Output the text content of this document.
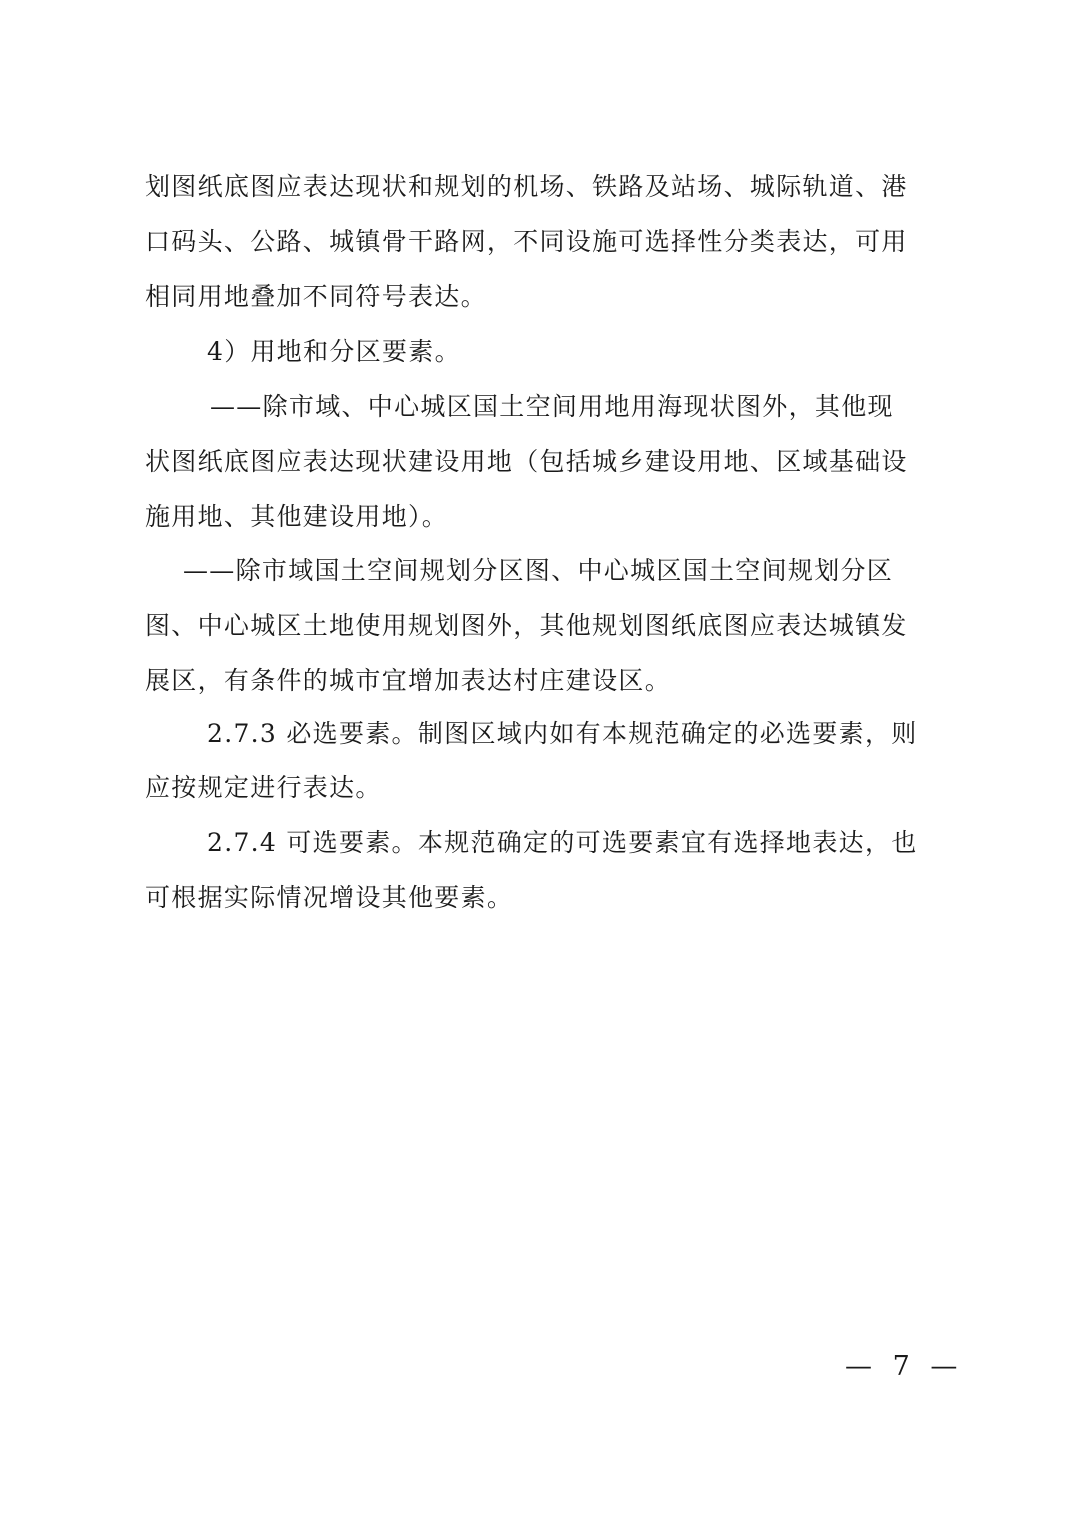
划图纸底图应表达现状和规划的机场、铁路及站场、城际轨道、港
口码头、公路、城镇骨干路网，不同设施可选择性分类表达，可用
相同用地叠加不同符号表达。
4）用地和分区要素。
——除市域、中心城区国土空间用地用海现状图外，其他现
状图纸底图应表达现状建设用地（包括城乡建设用地、区域基础设
施用地、其他建设用地）。
——除市域国土空间规划分区图、中心城区国土空间规划分区
图、中心城区土地使用规划图外，其他规划图纸底图应表达城镇发
展区，有条件的城市宜增加表达村庄建设区。
2.7.3 必选要素。制图区域内如有本规范确定的必选要素，则
应按规定进行表达。
2.7.4 可选要素。本规范确定的可选要素宜有选择地表达，也
可根据实际情况增设其他要素。
— 7 —
